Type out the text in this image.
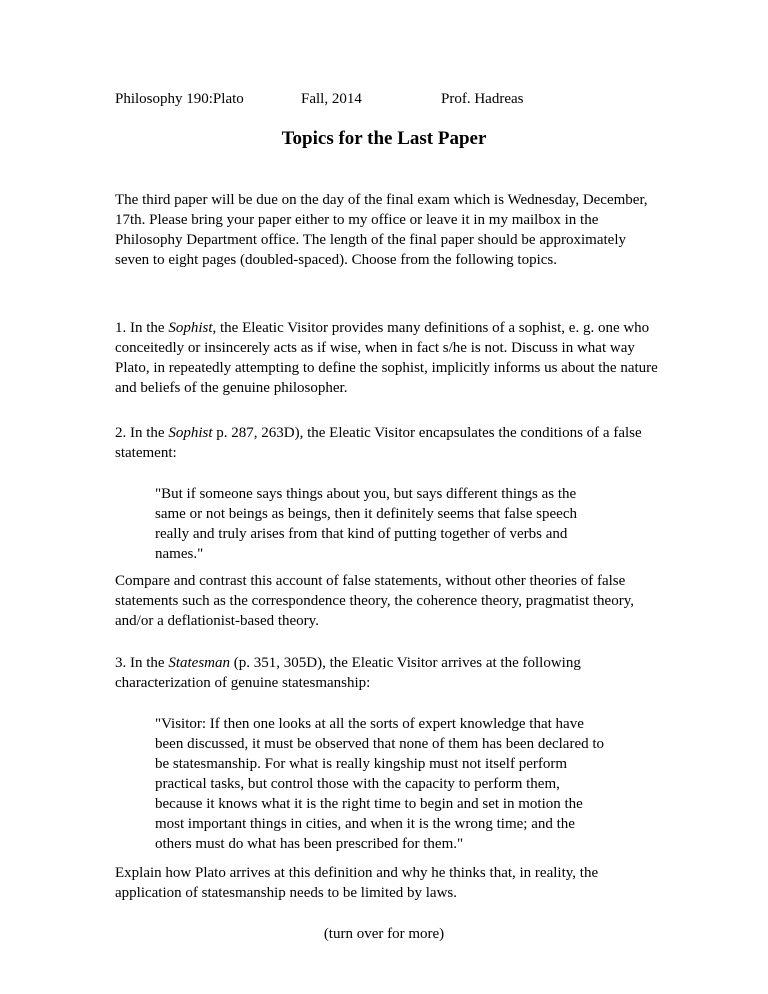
Philosophy 190:Plato	Fall, 2014	Prof. Hadreas
Topics for the Last Paper

The third paper will be due on the day of the final exam which is Wednesday, December, 17th. Please bring your paper either to my office or leave it in my mailbox in the Philosophy Department office. The length of the final paper should be approximately seven to eight pages (doubled-spaced). Choose from the following topics.

1. In the Sophist, the Eleatic Visitor provides many definitions of a sophist, e. g. one who conceitedly or insincerely acts as if wise, when in fact s/he is not. Discuss in what way Plato, in repeatedly attempting to define the sophist, implicitly informs us about the nature and beliefs of the genuine philosopher.

2. In the Sophist p. 287, 263D), the Eleatic Visitor encapsulates the conditions of a false statement:

"But if someone says things about you, but says different things as the same or not beings as beings, then it definitely seems that false speech really and truly arises from that kind of putting together of verbs and names."

Compare and contrast this account of false statements, without other theories of false statements such as the correspondence theory, the coherence theory, pragmatist theory, and/or a deflationist-based theory.

3. In the Statesman (p. 351, 305D), the Eleatic Visitor arrives at the following characterization of genuine statesmanship:

"Visitor: If then one looks at all the sorts of expert knowledge that have been discussed, it must be observed that none of them has been declared to be statesmanship. For what is really kingship must not itself perform practical tasks, but control those with the capacity to perform them, because it knows what it is the right time to begin and set in motion the most important things in cities, and when it is the wrong time; and the others must do what has been prescribed for them."

Explain how Plato arrives at this definition and why he thinks that, in reality, the application of statesmanship needs to be limited by laws.

(turn over for more)
